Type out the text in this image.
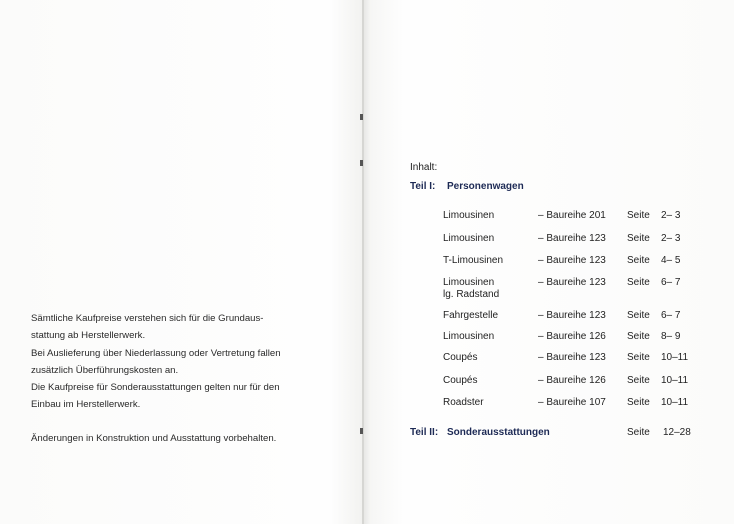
Sämtliche Kaufpreise verstehen sich für die Grundaus-
stattung ab Herstellerwerk.
Bei Auslieferung über Niederlassung oder Vertretung fallen
zusätzlich Überführungskosten an.
Die Kaufpreise für Sonderausstattungen gelten nur für den
Einbau im Herstellerwerk.
Änderungen in Konstruktion und Ausstattung vorbehalten.
Inhalt:
Teil I: Personenwagen
Limousinen	– Baureihe 201 Seite 2– 3
Limousinen	– Baureihe 123 Seite 2– 3
T-Limousinen	– Baureihe 123 Seite 4– 5
Limousinen
lg. Radstand
– Baureihe 123 Seite 6– 7
Fahrgestelle	– Baureihe 123 Seite 6– 7
Limousinen	– Baureihe 126 Seite 8– 9
Coupés	– Baureihe 123 Seite 10–11
Coupés	– Baureihe 126 Seite 10–11
Roadster	– Baureihe 107 Seite 10–11
Teil II: Sonderausstattungen	Seite 12–28
